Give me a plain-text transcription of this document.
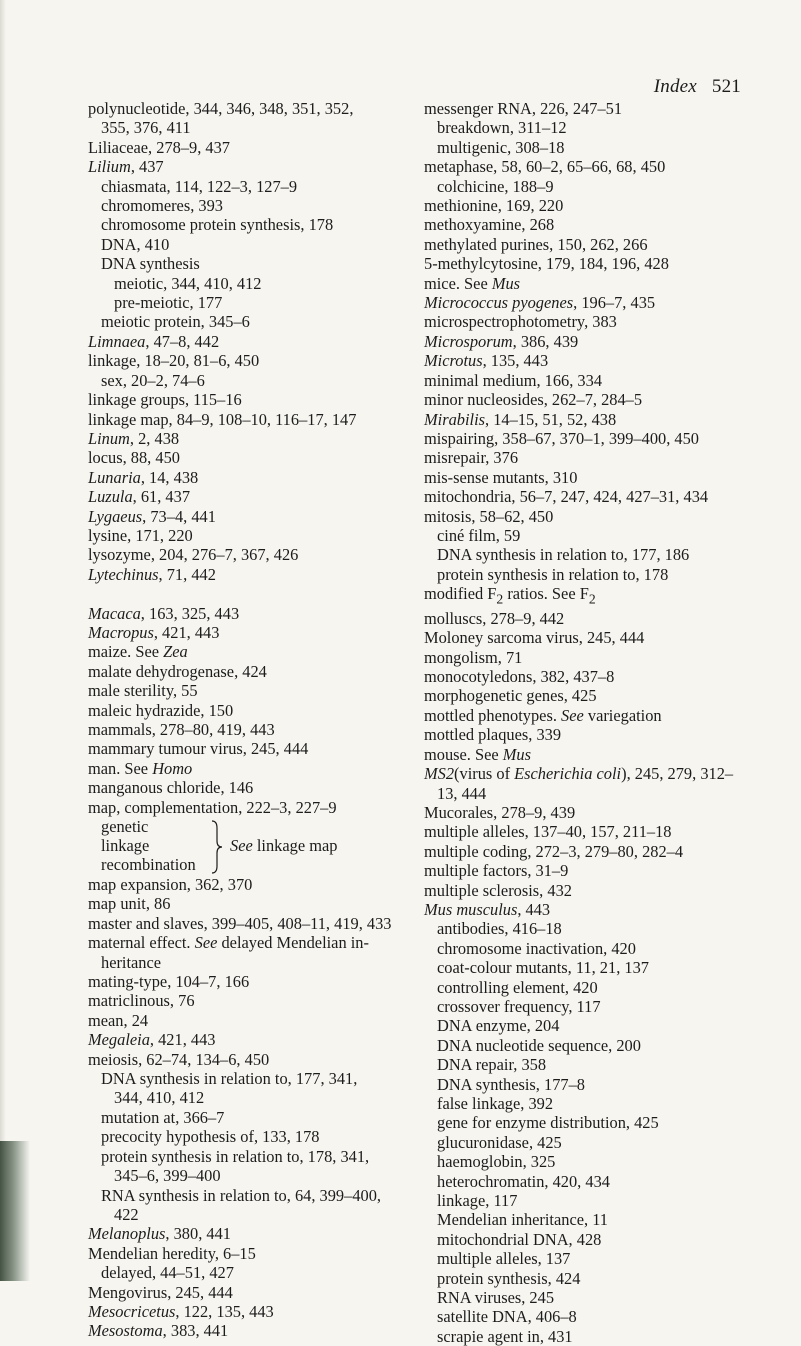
Index 521
polynucleotide, 344, 346, 348, 351, 352,
355, 376, 411
Liliaceae, 278–9, 437
Lilium, 437
chiasmata, 114, 122–3, 127–9
chromomeres, 393
chromosome protein synthesis, 178
DNA, 410
DNA synthesis
meiotic, 344, 410, 412
pre-meiotic, 177
meiotic protein, 345–6
Limnaea, 47–8, 442
linkage, 18–20, 81–6, 450
sex, 20–2, 74–6
linkage groups, 115–16
linkage map, 84–9, 108–10, 116–17, 147
Linum, 2, 438
locus, 88, 450
Lunaria, 14, 438
Luzula, 61, 437
Lygaeus, 73–4, 441
lysine, 171, 220
lysozyme, 204, 276–7, 367, 426
Lytechinus, 71, 442
Macaca, 163, 325, 443
Macropus, 421, 443
maize. See Zea
malate dehydrogenase, 424
male sterility, 55
maleic hydrazide, 150
mammals, 278–80, 419, 443
mammary tumour virus, 245, 444
man. See Homo
manganous chloride, 146
map, complementation, 222–3, 227–9
genetic
linkage
recombination
See linkage map
map expansion, 362, 370
map unit, 86
master and slaves, 399–405, 408–11, 419, 433
maternal effect. See delayed Mendelian in-
heritance
mating-type, 104–7, 166
matriclinous, 76
mean, 24
Megaleia, 421, 443
meiosis, 62–74, 134–6, 450
DNA synthesis in relation to, 177, 341,
344, 410, 412
mutation at, 366–7
precocity hypothesis of, 133, 178
protein synthesis in relation to, 178, 341,
345–6, 399–400
RNA synthesis in relation to, 64, 399–400,
422
Melanoplus, 380, 441
Mendelian heredity, 6–15
delayed, 44–51, 427
Mengovirus, 245, 444
Mesocricetus, 122, 135, 443
Mesostoma, 383, 441
messenger RNA, 226, 247–51
breakdown, 311–12
multigenic, 308–18
metaphase, 58, 60–2, 65–66, 68, 450
colchicine, 188–9
methionine, 169, 220
methoxyamine, 268
methylated purines, 150, 262, 266
5-methylcytosine, 179, 184, 196, 428
mice. See Mus
Micrococcus pyogenes, 196–7, 435
microspectrophotometry, 383
Microsporum, 386, 439
Microtus, 135, 443
minimal medium, 166, 334
minor nucleosides, 262–7, 284–5
Mirabilis, 14–15, 51, 52, 438
mispairing, 358–67, 370–1, 399–400, 450
misrepair, 376
mis-sense mutants, 310
mitochondria, 56–7, 247, 424, 427–31, 434
mitosis, 58–62, 450
ciné film, 59
DNA synthesis in relation to, 177, 186
protein synthesis in relation to, 178
modified $F_2$ ratios. See $F_2$
molluscs, 278–9, 442
Moloney sarcoma virus, 245, 444
mongolism, 71
monocotyledons, 382, 437–8
morphogenetic genes, 425
mottled phenotypes. See variegation
mottled plaques, 339
mouse. See Mus
MS2(virus of Escherichia coli), 245, 279, 312–
13, 444
Mucorales, 278–9, 439
multiple alleles, 137–40, 157, 211–18
multiple coding, 272–3, 279–80, 282–4
multiple factors, 31–9
multiple sclerosis, 432
Mus musculus, 443
antibodies, 416–18
chromosome inactivation, 420
coat-colour mutants, 11, 21, 137
controlling element, 420
crossover frequency, 117
DNA enzyme, 204
DNA nucleotide sequence, 200
DNA repair, 358
DNA synthesis, 177–8
false linkage, 392
gene for enzyme distribution, 425
glucuronidase, 425
haemoglobin, 325
heterochromatin, 420, 434
linkage, 117
Mendelian inheritance, 11
mitochondrial DNA, 428
multiple alleles, 137
protein synthesis, 424
RNA viruses, 245
satellite DNA, 406–8
scrapie agent in, 431
